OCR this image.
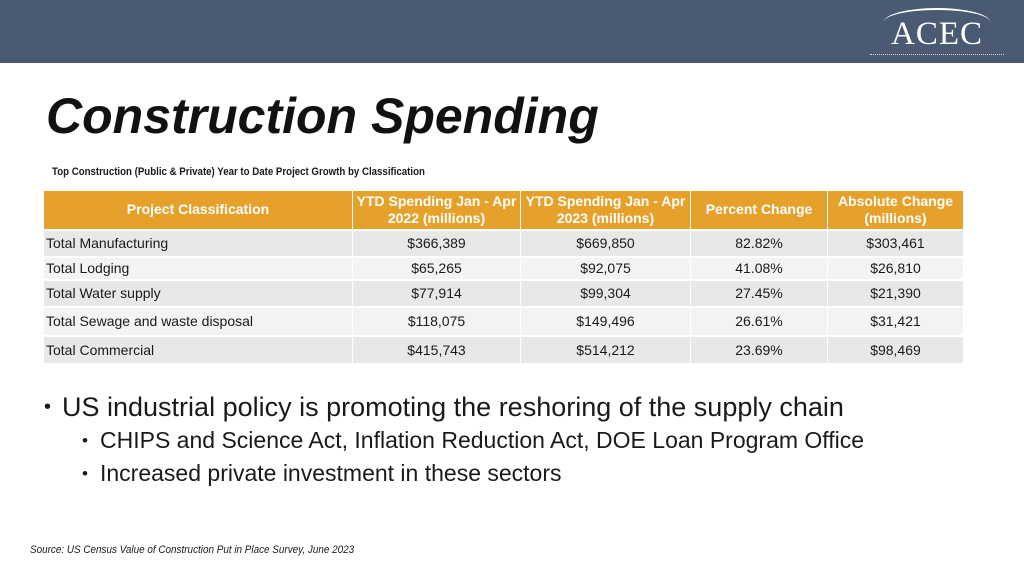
ACEC
Construction Spending
Top Construction (Public & Private) Year to Date Project Growth by Classification
Project Classification	YTD Spending Jan - Apr 2022 (millions)	YTD Spending Jan - Apr 2023 (millions)	Percent Change	Absolute Change (millions)
Total Manufacturing	$366,389	$669,850	82.82%	$303,461
Total Lodging	$65,265	$92,075	41.08%	$26,810
Total Water supply	$77,914	$99,304	27.45%	$21,390
Total Sewage and waste disposal	$118,075	$149,496	26.61%	$31,421
Total Commercial	$415,743	$514,212	23.69%	$98,469
• US industrial policy is promoting the reshoring of the supply chain
• CHIPS and Science Act, Inflation Reduction Act, DOE Loan Program Office
• Increased private investment in these sectors
Source: US Census Value of Construction Put in Place Survey, June 2023
